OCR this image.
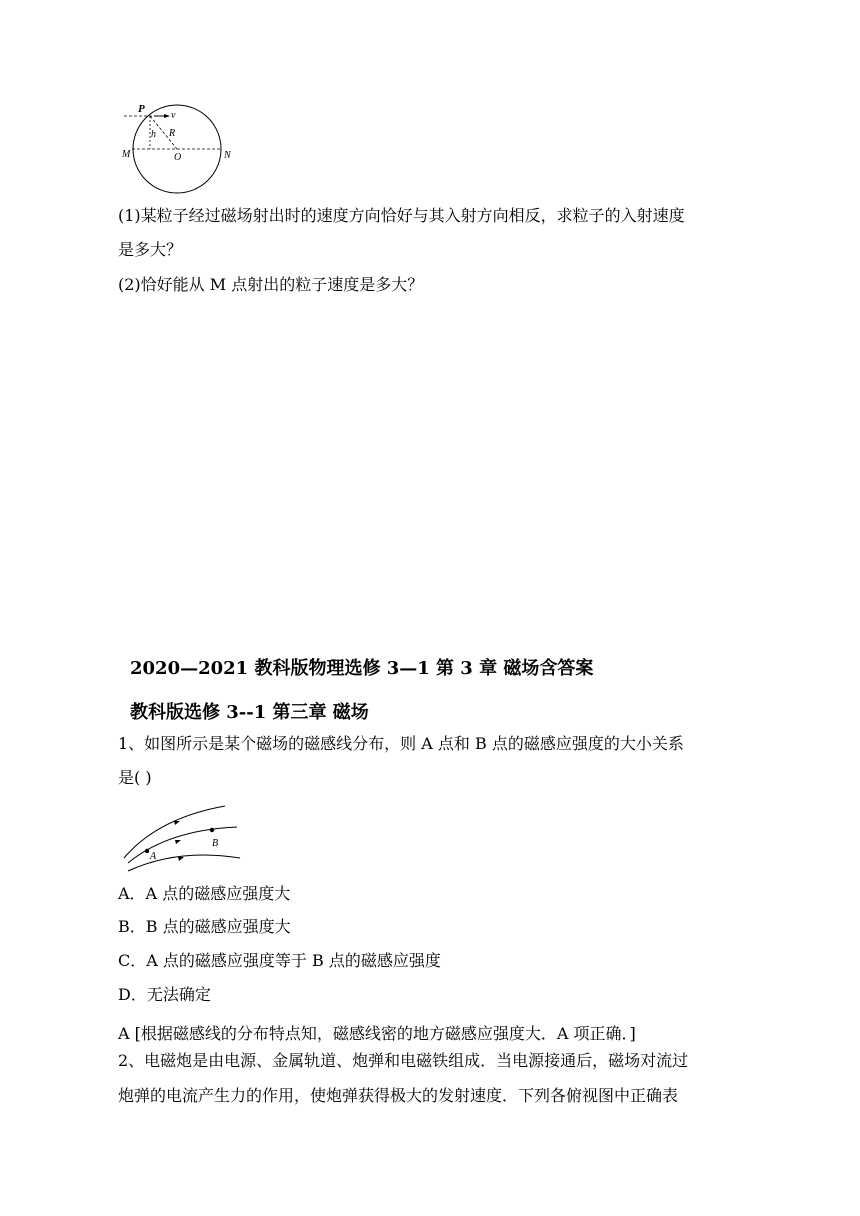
P
v
h R
O
M	N
(1)某粒子经过磁场射出时的速度方向恰好与其入射方向相反，求粒子的入射速度
是多大？
(2)恰好能从 M 点射出的粒子速度是多大？
2020—2021 教科版物理选修 3—1 第 3 章 磁场含答案
教科版选修 3--1 第三章 磁场
1、如图所示是某个磁场的磁感线分布，则 A 点和 B 点的磁感应强度的大小关系
是( )
A
B
A．A 点的磁感应强度大
B．B 点的磁感应强度大
C．A 点的磁感应强度等于 B 点的磁感应强度
D．无法确定
A [根据磁感线的分布特点知，磁感线密的地方磁感应强度大．A 项正确．]
2、电磁炮是由电源、金属轨道、炮弹和电磁铁组成．当电源接通后，磁场对流过
炮弹的电流产生力的作用，使炮弹获得极大的发射速度．下列各俯视图中正确表
